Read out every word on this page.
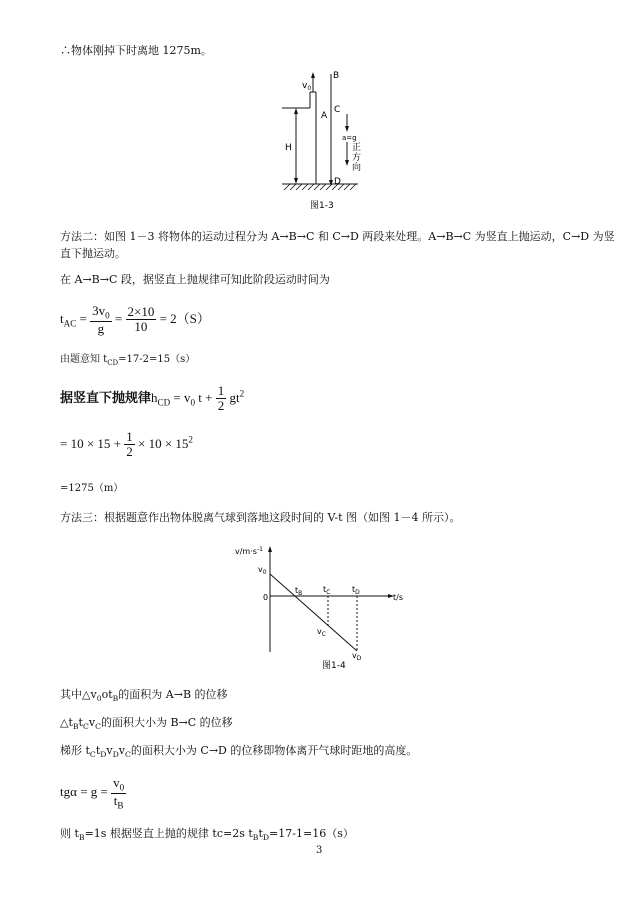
∴物体刚掉下时离地 1275m。
$v_0$
B
A
C
D
H
a=g
正
方
向
图1-3
方法二：如图 1－3 将物体的运动过程分为 A→B→C 和 C→D 两段来处理。A→B→C 为竖直上抛运动，C→D 为竖
直下抛运动。
在 A→B→C 段，据竖直上抛规律可知此阶段运动时间为
$t_{AC} = \frac{3v_0}{g} = \frac{2\times 10}{10} = 2(S)$
由题意知 $t_{CD}=17-2=15(s)$
据竖直下抛规律$h_{CD} = v_0$ $t + \frac{1}{2} gt^2$
= $10 \times 15 + \frac{1}{2} \times 10 \times 15^2$
=1275（m）
方法三：根据题意作出物体脱离气球到落地这段时间的 V-t 图（如图 1－4 所示）。
$v/m\cdot s^{-1}$
t/s
0
$v_0$
$t_B$	$t_C$	$t_D$
$v_C$
$v_D$
图1-4
其中$\triangle v_0ot_B$的面积为 A→B 的位移
$\triangle t_Bt_Cv_C$的面积大小为 B→C 的位移
梯形 $t_Ct_Dv_Dv_C$的面积大小为 C→D 的位移即物体离开气球时距地的高度。
$tg\alpha = g = \frac{v_0}{t_B}$
则 $t_B=1s$ 根据竖直上抛的规律 tc=2s $t_Bt_D=17-1=16(s)$
3
